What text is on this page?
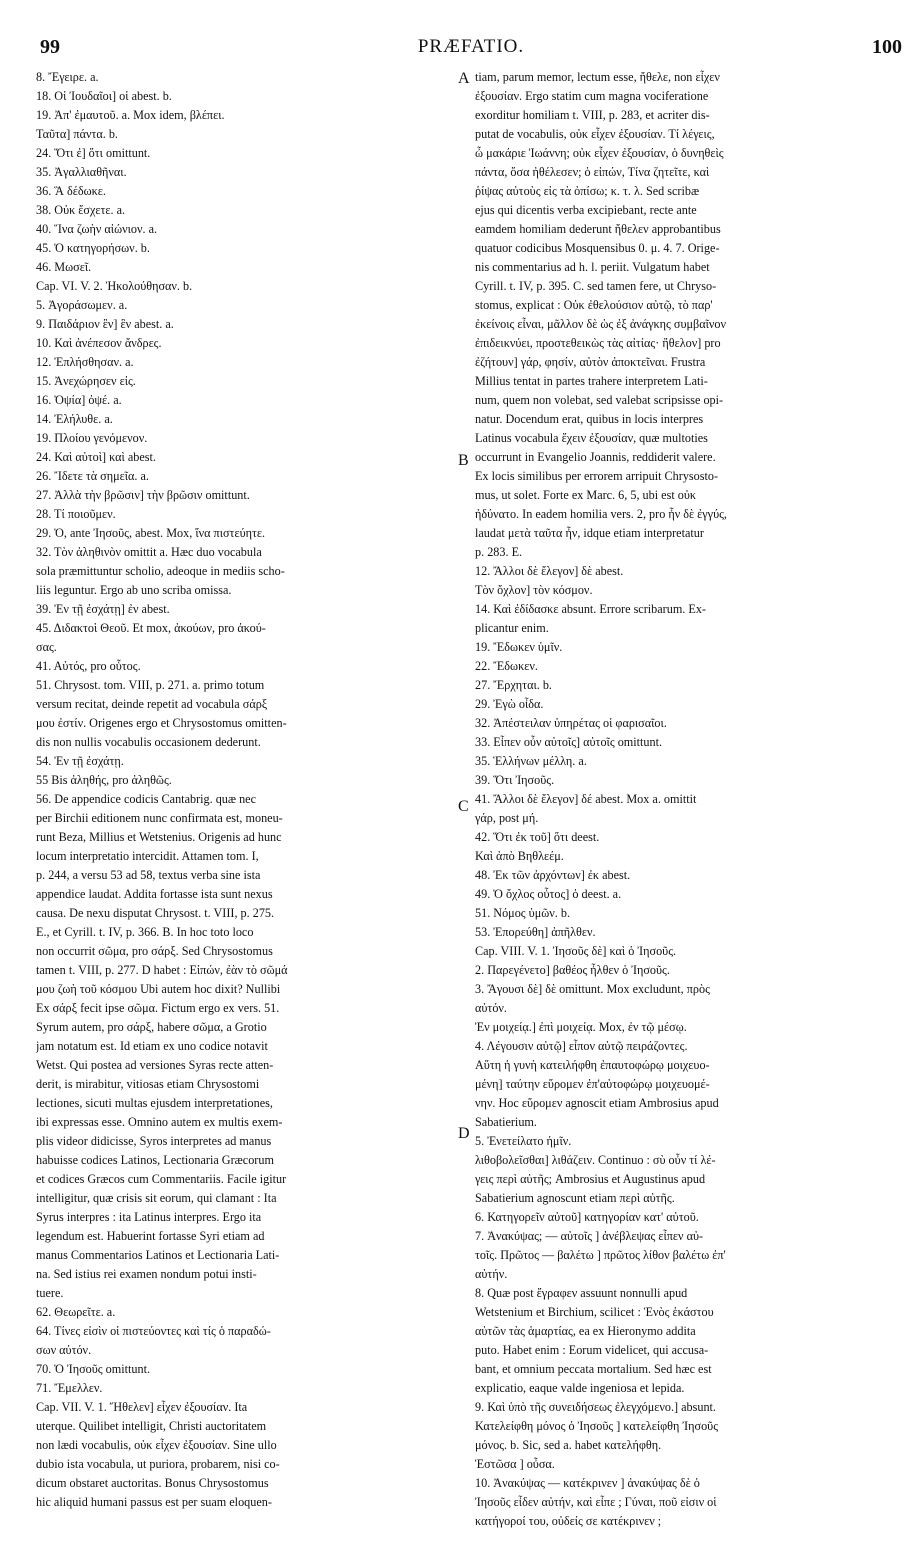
99	PRÆFATIO.	100
A
B
C
D
8. Ἔγειρε. a.
18. Οἱ Ἰουδαῖοι] οἱ abest. b.
19. Ἀπ' ἐμαυτοῦ. a. Mox idem, βλέπει.
Ταῦτα] πάντα. b.
24. Ὅτι ἐ] ὅτι omittunt.
35. Ἀγαλλιαθῆναι.
36. Ἃ δέδωκε.
38. Οὐκ ἔσχετε. a.
40. Ἵνα ζωὴν αἰώνιον. a.
45. Ὁ κατηγορήσων. b.
46. Μωσεῖ.
Cap. VI. V. 2. Ἠκολούθησαν. b.
5. Ἀγοράσωμεν. a.
9. Παιδάριον ἓν] ἓν abest. a.
10. Καὶ ἀνέπεσον ἄνδρες.
12. Ἐπλήσθησαν. a.
15. Ἀνεχώρησεν εἰς.
16. Ὀψία] ὀψέ. a.
14. Ἐλήλυθε. a.
19. Πλοίου γενόμενον.
24. Καὶ αὐτοὶ] καὶ abest.
26. Ἴδετε τὰ σημεῖα. a.
27. Ἀλλὰ τὴν βρῶσιν] τὴν βρῶσιν omittunt.
28. Τί ποιοῦμεν.
29. Ὁ, ante Ἰησοῦς, abest. Mox, ἵνα πιστεύητε.
32. Τὸν ἀληθινὸν omittit a. Hæc duo vocabula
sola præmittuntur scholio, adeoque in mediis scho-
liis leguntur. Ergo ab uno scriba omissa.
39. Ἐν τῇ ἐσχάτῃ] ἐν abest.
45. Διδακτοὶ Θεοῦ. Et mox, ἀκούων, pro ἀκού-
σας.
41. Αὐτός, pro οὗτος.
51. Chrysost. tom. VIII, p. 271. a. primo totum
versum recitat, deinde repetit ad vocabula σάρξ
μου ἐστίν. Origenes ergo et Chrysostomus omitten-
dis non nullis vocabulis occasionem dederunt.
54. Ἐν τῇ ἐσχάτῃ.
55 Bis ἀληθής, pro ἀληθῶς.
56. De appendice codicis Cantabrig. quæ nec
per Birchii editionem nunc confirmata est, moneu-
runt Beza, Millius et Wetstenius. Origenis ad hunc
locum interpretatio intercidit. Attamen tom. I,
p. 244, a versu 53 ad 58, textus verba sine ista
appendice laudat. Addita fortasse ista sunt nexus
causa. De nexu disputat Chrysost. t. VIII, p. 275.
E., et Cyrill. t. IV, p. 366. B. In hoc toto loco
non occurrit σῶμα, pro σάρξ. Sed Chrysostomus
tamen t. VIII, p. 277. D habet : Εἰπών, ἐὰν τὸ σῶμά
μου ζωὴ τοῦ κόσμου Ubi autem hoc dixit? Nullibi
Ex σάρξ fecit ipse σῶμα. Fictum ergo ex vers. 51.
Syrum autem, pro σάρξ, habere σῶμα, a Grotio
jam notatum est. Id etiam ex uno codice notavit
Wetst. Qui postea ad versiones Syras recte atten-
derit, is mirabitur, vitiosas etiam Chrysostomi
lectiones, sicuti multas ejusdem interpretationes,
ibi expressas esse. Omnino autem ex multis exem-
plis videor didicisse, Syros interpretes ad manus
habuisse codices Latinos, Lectionaria Græcorum
et codices Græcos cum Commentariis. Facile igitur
intelligitur, quæ crisis sit eorum, qui clamant : Ita
Syrus interpres : ita Latinus interpres. Ergo ita
legendum est. Habuerint fortasse Syri etiam ad
manus Commentarios Latinos et Lectionaria Lati-
na. Sed istius rei examen nondum potui insti-
tuere.
62. Θεωρεῖτε. a.
64. Τίνες εἰσὶν οἱ πιστεύοντες καὶ τίς ὁ παραδώ-
σων αὐτόν.
70. Ὁ Ἰησοῦς omittunt.
71. Ἔμελλεν.
Cap. VII. V. 1. Ἤθελεν] εἶχεν ἐξουσίαν. Ita
uterque. Quilibet intelligit, Christi auctoritatem
non lædi vocabulis, οὐκ εἶχεν ἐξουσίαν. Sine ullo
dubio ista vocabula, ut puriora, probarem, nisi co-
dicum obstaret auctoritas. Bonus Chrysostomus
hic aliquid humani passus est per suam eloquen-
tiam, parum memor, lectum esse, ἤθελε, non εἶχεν
ἐξουσίαν. Ergo statim cum magna vociferatione
exorditur homiliam t. VIII, p. 283, et acriter dis-
putat de vocabulis, οὐκ εἶχεν ἐξουσίαν. Τί λέγεις,
ὦ μακάριε Ἰωάννη; οὐκ εἶχεν ἐξουσίαν, ὁ δυνηθεὶς
πάντα, ὅσα ἠθέλεσεν; ὁ εἰπών, Τίνα ζητεῖτε, καὶ
ῥίψας αὐτοὺς εἰς τὰ ὀπίσω; κ. τ. λ. Sed scribæ
ejus qui dicentis verba excipiebant, recte ante
eamdem homiliam dederunt ἤθελεν approbantibus
quatuor codicibus Mosquensibus 0. μ. 4. 7. Orige-
nis commentarius ad h. l. periit. Vulgatum habet
Cyrill. t. IV, p. 395. C. sed tamen fere, ut Chryso-
stomus, explicat : Οὐκ ἐθελούσιον αὐτῷ, τὸ παρ'
ἐκείνοις εἶναι, μᾶλλον δὲ ὡς ἐξ ἀνάγκης συμβαῖνον
ἐπιδεικνύει, προστεθεικὼς τὰς αἰτίας· ἤθελον] pro
ἐζήτουν] γάρ, φησίν, αὐτὸν ἀποκτεῖναι. Frustra
Millius tentat in partes trahere interpretem Lati-
num, quem non volebat, sed valebat scripsisse opi-
natur. Docendum erat, quibus in locis interpres
Latinus vocabula ἔχειν ἐξουσίαν, quæ multoties
occurrunt in Evangelio Joannis, reddiderit valere.
Ex locis similibus per errorem arripuit Chrysosto-
mus, ut solet. Forte ex Marc. 6, 5, ubi est οὐκ
ἠδύνατο. In eadem homilia vers. 2, pro ἦν δὲ ἐγγύς,
laudat μετὰ ταῦτα ἦν, idque etiam interpretatur
p. 283. E.
12. Ἄλλοι δὲ ἔλεγον] δὲ abest.
Τὸν ὄχλον] τὸν κόσμον.
14. Καὶ ἐδίδασκε absunt. Errore scribarum. Ex-
plicantur enim.
19. Ἔδωκεν ὑμῖν.
22. Ἔδωκεν.
27. Ἔρχηται. b.
29. Ἐγὼ οἶδα.
32. Ἀπέστειλαν ὑπηρέτας οἱ φαρισαῖοι.
33. Εἶπεν οὖν αὐτοῖς] αὐτοῖς omittunt.
35. Ἑλλήνων μέλλη. a.
39. Ὅτι Ἰησοῦς.
41. Ἄλλοι δὲ ἔλεγον] δέ abest. Mox a. omittit
γάρ, post μή.
42. Ὅτι ἐκ τοῦ] ὅτι deest.
Καὶ ἀπὸ Βηθλεέμ.
48. Ἐκ τῶν ἀρχόντων] ἐκ abest.
49. Ὁ ὄχλος οὗτος] ὁ deest. a.
51. Νόμος ὑμῶν. b.
53. Ἐπορεύθη] ἀπῆλθεν.
Cap. VIII. V. 1. Ἰησοῦς δὲ] καὶ ὁ Ἰησοῦς.
2. Παρεγένετο] βαθέος ἦλθεν ὁ Ἰησοῦς.
3. Ἄγουσι δὲ] δὲ omittunt. Mox excludunt, πρὸς
αὐτόν.
Ἐν μοιχείᾳ.] ἐπὶ μοιχείᾳ. Mox, ἐν τῷ μέσῳ.
4. Λέγουσιν αὐτῷ] εἶπον αὐτῷ πειράζοντες.
Αὕτη ἡ γυνὴ κατειλήφθη ἐπαυτοφώρῳ μοιχευο-
μένη] ταύτην εὕρομεν ἐπ'αὐτοφώρῳ μοιχευομέ-
νην. Hoc εὕρομεν agnoscit etiam Ambrosius apud
Sabatierium.
5. Ἐνετείλατο ἡμῖν.
λιθοβολεῖσθαι] λιθάζειν. Continuo : σὺ οὖν τί λέ-
γεις περὶ αὐτῆς; Ambrosius et Augustinus apud
Sabatierium agnoscunt etiam περὶ αὐτῆς.
6. Κατηγορεῖν αὐτοῦ] κατηγορίαν κατ' αὐτοῦ.
7. Ἀνακύψας; — αὐτοῖς ] ἀνέβλεψας εἶπεν αὐ-
τοῖς. Πρῶτος — βαλέτω ] πρῶτος λίθον βαλέτω ἐπ'
αὐτήν.
8. Quæ post ἔγραφεν assuunt nonnulli apud
Wetstenium et Birchium, scilicet : Ἑνὸς ἑκάστου
αὐτῶν τὰς ἁμαρτίας, ea ex Hieronymo addita
puto. Habet enim : Eorum videlicet, qui accusa-
bant, et omnium peccata mortalium. Sed hæc est
explicatio, eaque valde ingeniosa et lepida.
9. Καὶ ὑπὸ τῆς συνειδήσεως ἐλεγχόμενο.] absunt.
Κατελείφθη μόνος ὁ Ἰησοῦς ] κατελείφθη Ἰησοῦς
μόνος. b. Sic, sed a. habet κατελήφθη.
Ἑστῶσα ] οὖσα.
10. Ἀνακύψας — κατέκρινεν ] ἀνακύψας δὲ ὁ
Ἰησοῦς εἶδεν αὐτήν, καὶ εἶπε ; Γύναι, ποῦ εἰσιν οἱ
κατήγοροί του, οὐδείς σε κατέκρινεν ;
